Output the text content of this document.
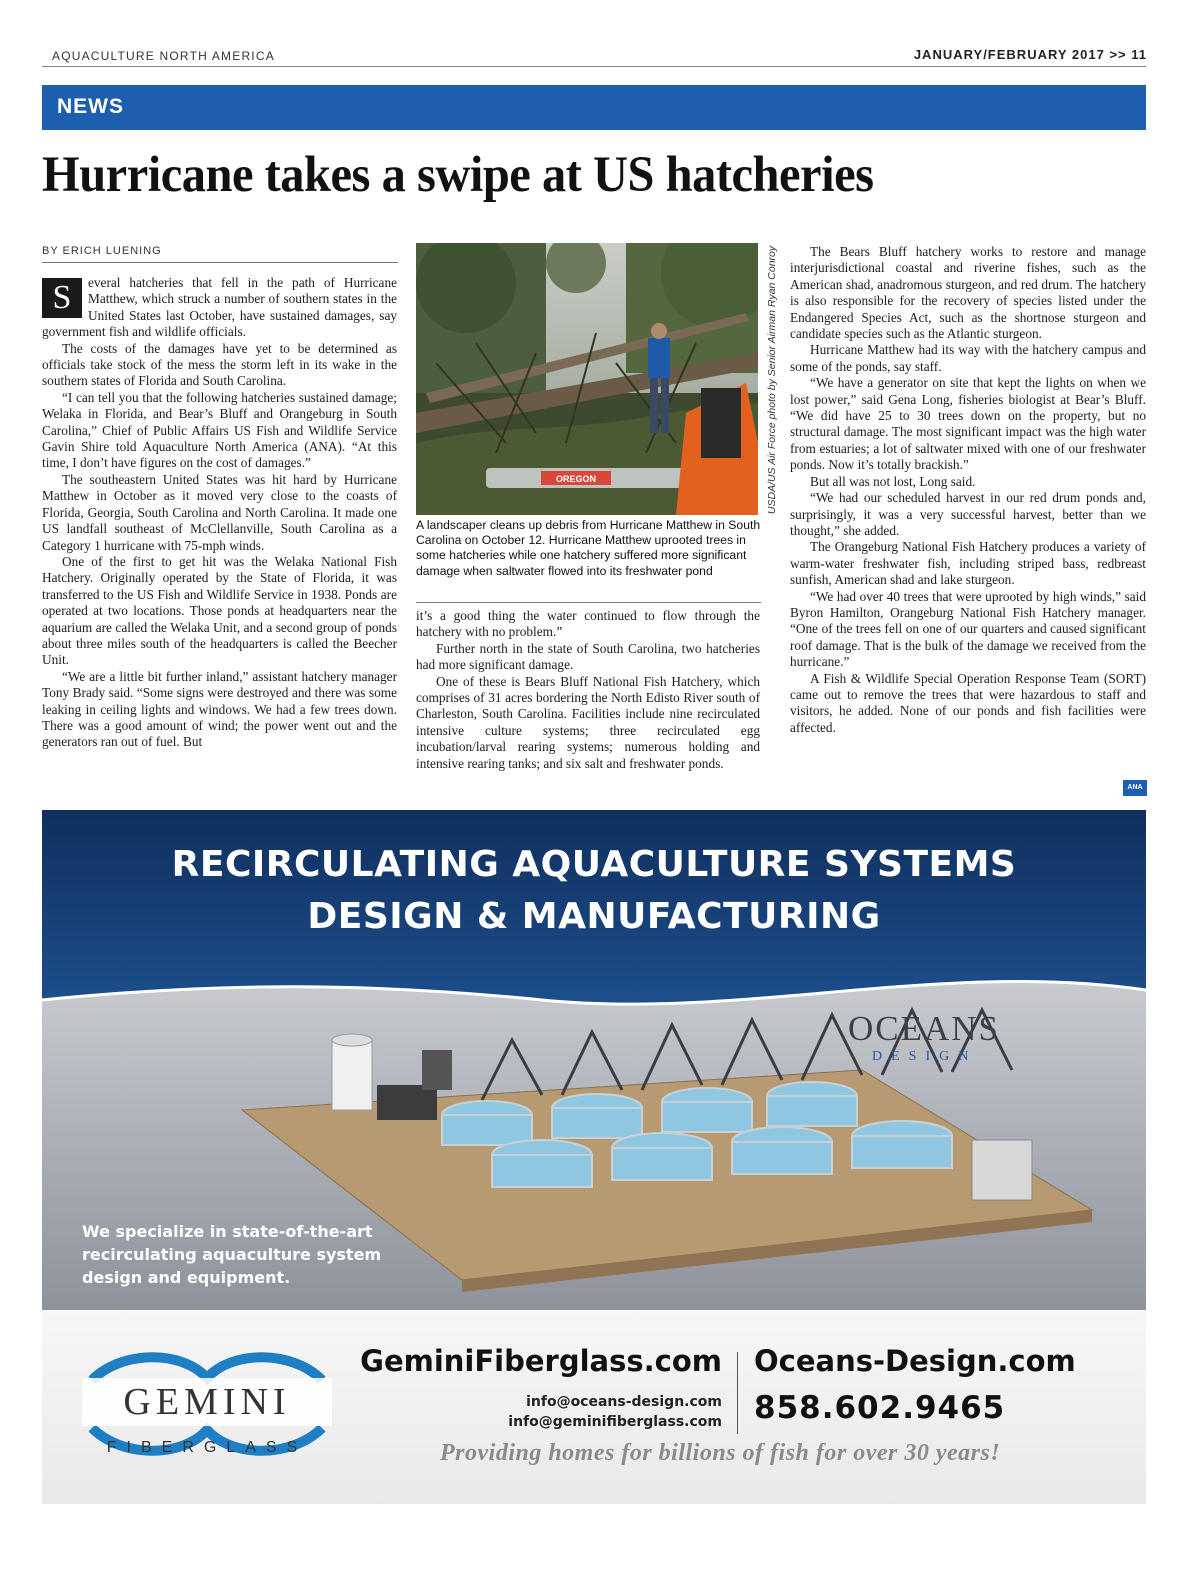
AQUACULTURE NORTH AMERICA	JANUARY/FEBRUARY 2017 >> 11
NEWS
Hurricane takes a swipe at US hatcheries
BY ERICH LUENING

S	everal hatcheries that fell in the path of Hurricane Matthew, which struck a number of southern states in the United States last October, have sustained damages, say government fish and wildlife officials.

The costs of the damages have yet to be determined as officials take stock of the mess the storm left in its wake in the southern states of Florida and South Carolina.

“I can tell you that the following hatcheries sustained damage; Welaka in Florida, and Bear’s Bluff and Orangeburg in South Carolina,” Chief of Public Affairs US Fish and Wildlife Service Gavin Shire told Aquaculture North America (ANA). “At this time, I don’t have figures on the cost of damages.”

The southeastern United States was hit hard by Hurricane Matthew in October as it moved very close to the coasts of Florida, Georgia, South Carolina and North Carolina. It made one US landfall southeast of McClellanville, South Carolina as a Category 1 hurricane with 75-mph winds.

One of the first to get hit was the Welaka National Fish Hatchery. Originally operated by the State of Florida, it was transferred to the US Fish and Wildlife Service in 1938. Ponds are operated at two locations. Those ponds at headquarters near the aquarium are called the Welaka Unit, and a second group of ponds about three miles south of the headquarters is called the Beecher Unit.

“We are a little bit further inland,” assistant hatchery manager Tony Brady said. “Some signs were destroyed and there was some leaking in ceiling lights and windows. We had a few trees down. There was a good amount of wind; the power went out and the generators ran out of fuel. But

OREGON	USDA/US Air Force photo by Senior Airman Ryan Conroy
A landscaper cleans up debris from Hurricane Matthew in South Carolina on October 12. Hurricane Matthew uprooted trees in some hatcheries while one hatchery suffered more significant damage when saltwater flowed into its freshwater pond

it’s a good thing the water continued to flow through the hatchery with no problem.”

Further north in the state of South Carolina, two hatcheries had more significant damage.

One of these is Bears Bluff National Fish Hatchery, which comprises of 31 acres bordering the North Edisto River south of Charleston, South Carolina. Facilities include nine recirculated intensive culture systems; three recirculated egg incubation/larval rearing systems; numerous holding and intensive rearing tanks; and six salt and freshwater ponds.

The Bears Bluff hatchery works to restore and manage interjurisdictional coastal and riverine fishes, such as the American shad, anadromous sturgeon, and red drum. The hatchery is also responsible for the recovery of species listed under the Endangered Species Act, such as the shortnose sturgeon and candidate species such as the Atlantic sturgeon.

Hurricane Matthew had its way with the hatchery campus and some of the ponds, say staff.

“We have a generator on site that kept the lights on when we lost power,” said Gena Long, fisheries biologist at Bear’s Bluff. “We did have 25 to 30 trees down on the property, but no structural damage. The most significant impact was the high water from estuaries; a lot of saltwater mixed with one of our freshwater ponds. Now it’s totally brackish.”

But all was not lost, Long said.

“We had our scheduled harvest in our red drum ponds and, surprisingly, it was a very successful harvest, better than we thought,” she added.

The Orangeburg National Fish Hatchery produces a variety of warm-water freshwater fish, including striped bass, redbreast sunfish, American shad and lake sturgeon.

“We had over 40 trees that were uprooted by high winds,” said Byron Hamilton, Orangeburg National Fish Hatchery manager. “One of the trees fell on one of our quarters and caused significant roof damage. That is the bulk of the damage we received from the hurricane.”

A Fish & Wildlife Special Operation Response Team (SORT) came out to remove the trees that were hazardous to staff and visitors, he added. None of our ponds and fish facilities were affected.

ANA
RECIRCULATING AQUACULTURE SYSTEMS
DESIGN & MANUFACTURING
OCEANS
DESIGN
We specialize in state-of-the-art
recirculating aquaculture system
design and equipment.
GEMINI
FIBERGLASS
GeminiFiberglass.com Oceans-Design.com
info@oceans-design.com
info@geminifiberglass.com 858.602.9465
Providing homes for billions of fish for over 30 years!
